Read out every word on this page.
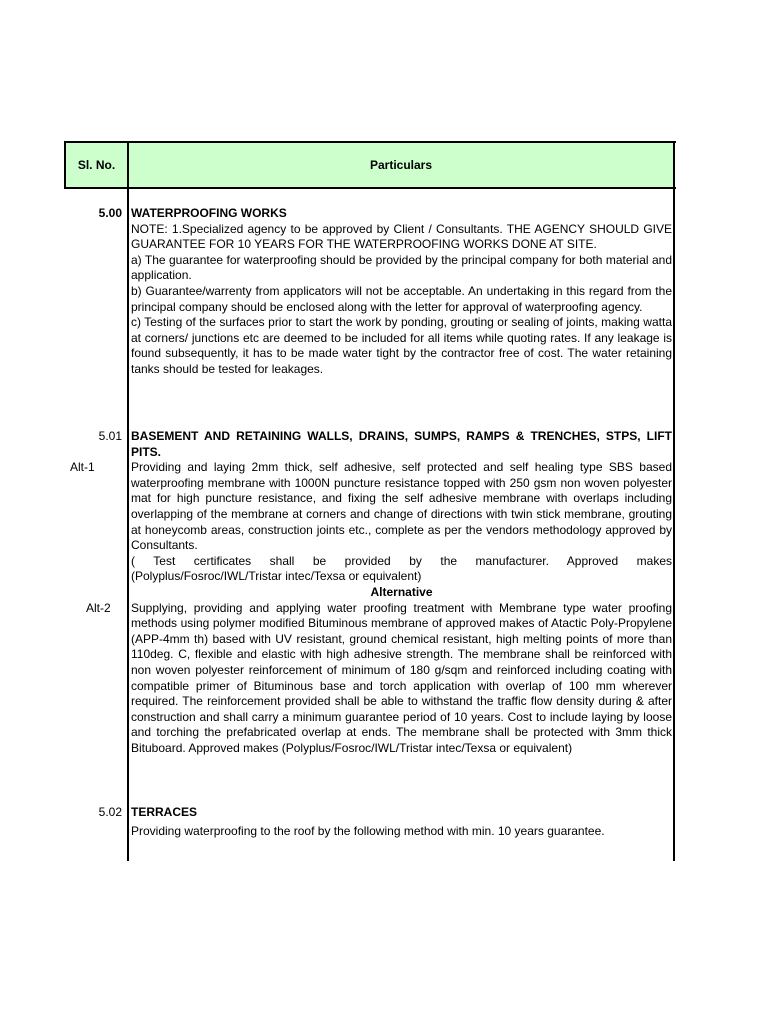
Sl. No.	Particulars
5.00 WATERPROOFING WORKS

NOTE: 1.Specialized agency to be approved by Client / Consultants. THE AGENCY SHOULD GIVE GUARANTEE FOR 10 YEARS FOR THE WATERPROOFING WORKS DONE AT SITE.

a) The guarantee for waterproofing should be provided by the principal company for both material and application.

b) Guarantee/warrenty from applicators will not be acceptable. An undertaking in this regard from the principal company should be enclosed along with the letter for approval of waterproofing agency.

c) Testing of the surfaces prior to start the work by ponding, grouting or sealing of joints, making watta at corners/ junctions etc are deemed to be included for all items while quoting rates. If any leakage is found subsequently, it has to be made water tight by the contractor free of cost. The water retaining tanks should be tested for leakages.

5.01
Alt-1

BASEMENT AND RETAINING WALLS, DRAINS, SUMPS, RAMPS & TRENCHES, STPS, LIFT PITS.

Providing and laying 2mm thick, self adhesive, self protected and self healing type SBS based waterproofing membrane with 1000N puncture resistance topped with 250 gsm non woven polyester mat for high puncture resistance, and fixing the self adhesive membrane with overlaps including overlapping of the membrane at corners and change of directions with twin stick membrane, grouting at honeycomb areas, construction joints etc., complete as per the vendors methodology approved by Consultants.

( Test certificates shall be provided by the manufacturer. Approved makes (Polyplus/Fosroc/IWL/Tristar intec/Texsa or equivalent)

Alternative

Supplying, providing and applying water proofing treatment with Membrane type water proofing methods using polymer modified Bituminous membrane of approved makes of Atactic Poly-Propylene (APP-4mm th) based with UV resistant, ground chemical resistant, high melting points of more than 110deg. C, flexible and elastic with high adhesive strength. The membrane shall be reinforced with non woven polyester reinforcement of minimum of 180 g/sqm and reinforced including coating with compatible primer of Bituminous base and torch application with overlap of 100 mm wherever required. The reinforcement provided shall be able to withstand the traffic flow density during & after construction and shall carry a minimum guarantee period of 10 years. Cost to include laying by loose and torching the prefabricated overlap at ends. The membrane shall be protected with 3mm thick Bituboard. Approved makes (Polyplus/Fosroc/IWL/Tristar intec/Texsa or equivalent)

Alt-2
5.02 TERRACES

Providing waterproofing to the roof by the following method with min. 10 years guarantee.
